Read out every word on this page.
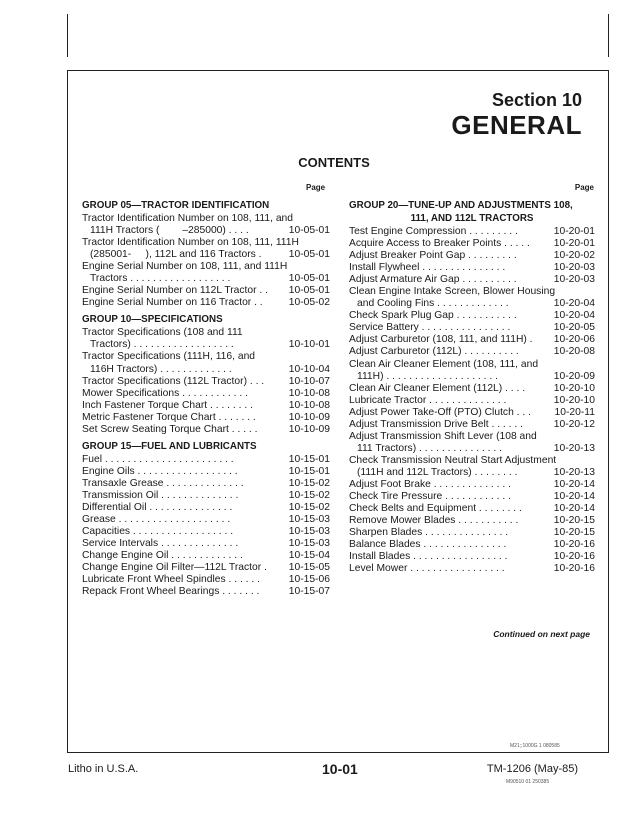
Section 10
GENERAL
CONTENTS
Page	Page
GROUP 05—TRACTOR IDENTIFICATION
Tractor Identification Number on 108, 111, and
111H Tractors (        –285000) . . . .	10-05-01
Tractor Identification Number on 108, 111, 111H
(285001-     ), 112L and 116 Tractors .	10-05-01
Engine Serial Number on 108, 111, and 111H
Tractors . . . . . . . . . . . . . . . . . .	10-05-01
Engine Serial Number on 112L Tractor . .	10-05-01
Engine Serial Number on 116 Tractor . .	10-05-02
GROUP 10—SPECIFICATIONS
Tractor Specifications (108 and 111
Tractors) . . . . . . . . . . . . . . . . . .	10-10-01
Tractor Specifications (111H, 116, and
116H Tractors) . . . . . . . . . . . . .	10-10-04
Tractor Specifications (112L Tractor) . . .	10-10-07
Mower Specifications . . . . . . . . . . . .	10-10-08
Inch Fastener Torque Chart . . . . . . . .	10-10-08
Metric Fastener Torque Chart . . . . . . .	10-10-09
Set Screw Seating Torque Chart . . . . .	10-10-09
GROUP 15—FUEL AND LUBRICANTS
Fuel . . . . . . . . . . . . . . . . . . . . . . .	10-15-01
Engine Oils . . . . . . . . . . . . . . . . . .	10-15-01
Transaxle Grease . . . . . . . . . . . . . .	10-15-02
Transmission Oil . . . . . . . . . . . . . .	10-15-02
Differential Oil . . . . . . . . . . . . . . .	10-15-02
Grease . . . . . . . . . . . . . . . . . . . .	10-15-03
Capacities . . . . . . . . . . . . . . . . . .	10-15-03
Service Intervals . . . . . . . . . . . . . .	10-15-03
Change Engine Oil . . . . . . . . . . . . .	10-15-04
Change Engine Oil Filter—112L Tractor .	10-15-05
Lubricate Front Wheel Spindles . . . . . .	10-15-06
Repack Front Wheel Bearings . . . . . . .	10-15-07
GROUP 20—TUNE-UP AND ADJUSTMENTS 108,
111, AND 112L TRACTORS
Test Engine Compression . . . . . . . . .	10-20-01
Acquire Access to Breaker Points . . . . .	10-20-01
Adjust Breaker Point Gap . . . . . . . . .	10-20-02
Install Flywheel . . . . . . . . . . . . . . .	10-20-03
Adjust Armature Air Gap . . . . . . . . . .	10-20-03
Clean Engine Intake Screen, Blower Housing
and Cooling Fins . . . . . . . . . . . . .	10-20-04
Check Spark Plug Gap . . . . . . . . . . .	10-20-04
Service Battery . . . . . . . . . . . . . . . .	10-20-05
Adjust Carburetor (108, 111, and 111H) .	10-20-06
Adjust Carburetor (112L) . . . . . . . . . .	10-20-08
Clean Air Cleaner Element (108, 111, and
111H) . . . . . . . . . . . . . . . . . . . .	10-20-09
Clean Air Cleaner Element (112L) . . . .	10-20-10
Lubricate Tractor . . . . . . . . . . . . . .	10-20-10
Adjust Power Take-Off (PTO) Clutch . . .	10-20-11
Adjust Transmission Drive Belt . . . . . .	10-20-12
Adjust Transmission Shift Lever (108 and
111 Tractors) . . . . . . . . . . . . . . .	10-20-13
Check Transmission Neutral Start Adjustment
(111H and 112L Tractors) . . . . . . . .	10-20-13
Adjust Foot Brake . . . . . . . . . . . . . .	10-20-14
Check Tire Pressure . . . . . . . . . . . .	10-20-14
Check Belts and Equipment . . . . . . . .	10-20-14
Remove Mower Blades . . . . . . . . . . .	10-20-15
Sharpen Blades . . . . . . . . . . . . . . .	10-20-15
Balance Blades . . . . . . . . . . . . . . .	10-20-16
Install Blades . . . . . . . . . . . . . . . . .	10-20-16
Level Mower . . . . . . . . . . . . . . . . .	10-20-16
Continued on next page
M21;;1000G 1 080585
Litho in U.S.A.	10-01	TM-1206 (May-85)
M90510 01 250385
